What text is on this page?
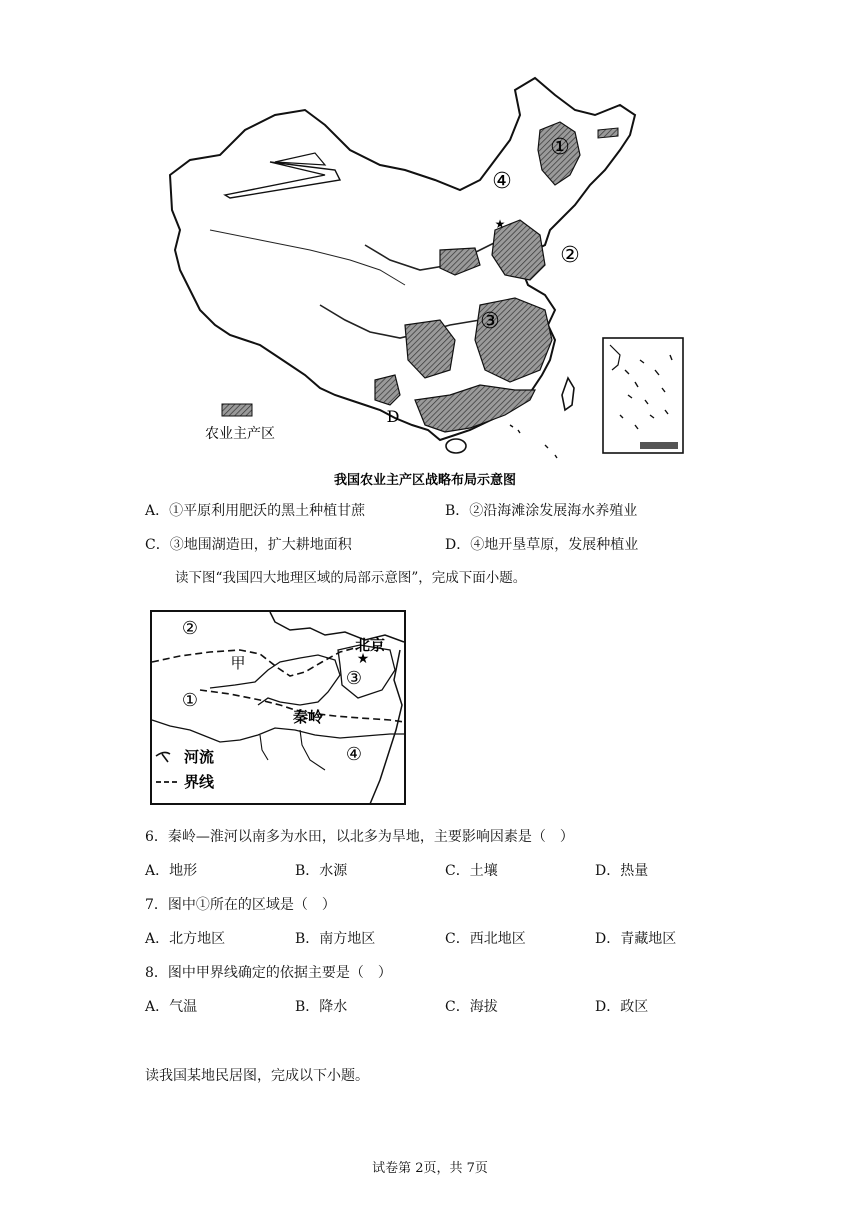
★
①
②
③
④
D
农业主产区
我国农业主产区战略布局示意图
A．①平原利用肥沃的黑土种植甘蔗	B．②沿海滩涂发展海水养殖业
C．③地围湖造田，扩大耕地面积	D．④地开垦草原，发展种植业
读下图“我国四大地理区域的局部示意图”，完成下面小题。
★
②
①
③
④
甲
北京
秦岭
河流
界线
6．秦岭—淮河以南多为水田，以北多为旱地，主要影响因素是（　）
A．地形	B．水源	C．土壤	D．热量
7．图中①所在的区域是（　）
A．北方地区	B．南方地区	C．西北地区	D．青藏地区
8．图中甲界线确定的依据主要是（　）
A．气温	B．降水	C．海拔	D．政区
读我国某地民居图，完成以下小题。
试卷第 2页，共 7页
